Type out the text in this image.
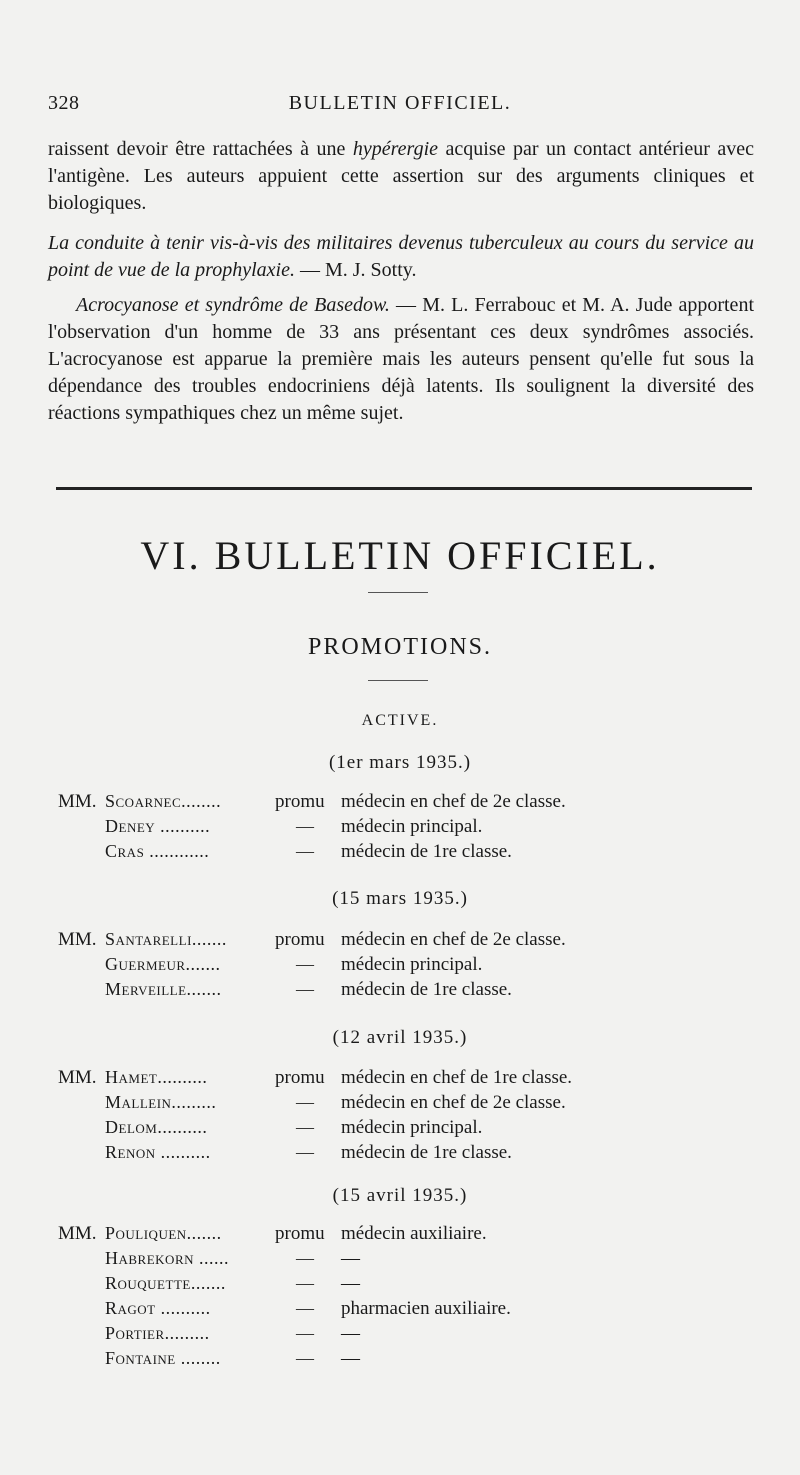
328	BULLETIN OFFICIEL.
raissent devoir être rattachées à une hypérergie acquise par un contact antérieur avec l'antigène. Les auteurs appuient cette assertion sur des arguments cliniques et biologiques.
La conduite à tenir vis-à-vis des militaires devenus tuberculeux au cours du service au point de vue de la prophylaxie. — M. J. Sotty.
Acrocyanose et syndrôme de Basedow. — M. L. Ferrabouc et M. A. Jude apportent l'observation d'un homme de 33 ans présentant ces deux syndrômes associés. L'acrocyanose est apparue la première mais les auteurs pensent qu'elle fut sous la dépendance des troubles endocriniens déjà latents. Ils soulignent la diversité des réactions sympathiques chez un même sujet.
VI. BULLETIN OFFICIEL.
PROMOTIONS.
ACTIVE.
(1er mars 1935.)
MM. Scoarnec........	promu médecin en chef de 2e classe.
Deney ..........	— médecin principal.
Cras ............	— médecin de 1re classe.
(15 mars 1935.)
MM. Santarelli.......	promu médecin en chef de 2e classe.
Guermeur.......	— médecin principal.
Merveille.......	— médecin de 1re classe.
(12 avril 1935.)
MM. Hamet..........	promu médecin en chef de 1re classe.
Mallein.........	— médecin en chef de 2e classe.
Delom..........	— médecin principal.
Renon ..........	— médecin de 1re classe.
(15 avril 1935.)
MM. Pouliquen.......	promu médecin auxiliaire.
Habrekorn ......	— —
Rouquette.......	— —
Ragot ..........	— pharmacien auxiliaire.
Portier.........	— —
Fontaine ........	— —
